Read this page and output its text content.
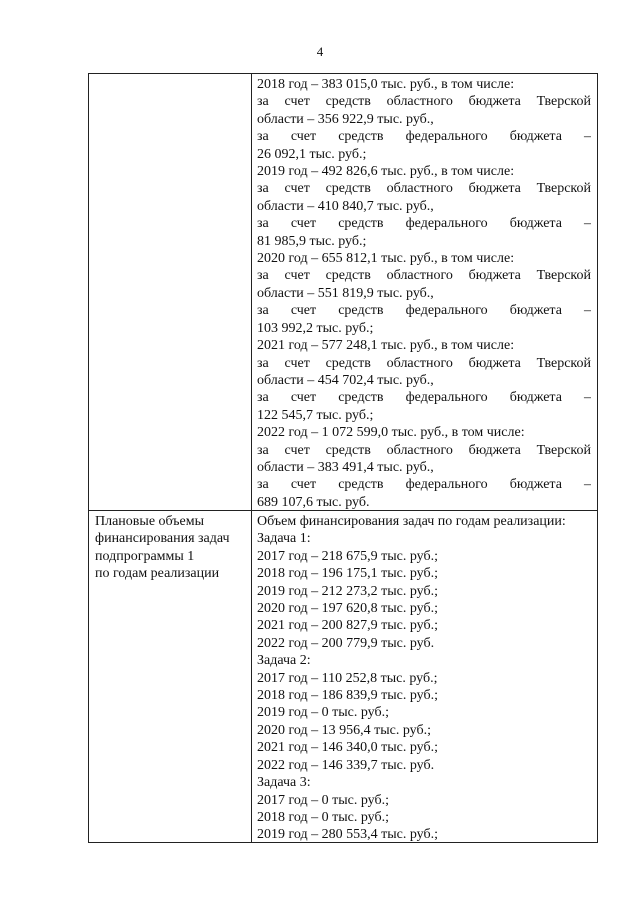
4
2018 год – 383 015,0 тыс. руб., в том числе:
за счет средств областного бюджета Тверской
области – 356 922,9 тыс. руб.,
за счет средств федерального бюджета –
26 092,1 тыс. руб.;
2019 год – 492 826,6 тыс. руб., в том числе:
за счет средств областного бюджета Тверской
области – 410 840,7 тыс. руб.,
за счет средств федерального бюджета –
81 985,9 тыс. руб.;
2020 год – 655 812,1 тыс. руб., в том числе:
за счет средств областного бюджета Тверской
области – 551 819,9 тыс. руб.,
за счет средств федерального бюджета –
103 992,2 тыс. руб.;
2021 год – 577 248,1 тыс. руб., в том числе:
за счет средств областного бюджета Тверской
области – 454 702,4 тыс. руб.,
за счет средств федерального бюджета –
122 545,7 тыс. руб.;
2022 год – 1 072 599,0 тыс. руб., в том числе:
за счет средств областного бюджета Тверской
области – 383 491,4 тыс. руб.,
за счет средств федерального бюджета –
689 107,6 тыс. руб.
Плановые объемы
финансирования задач
подпрограммы 1
по годам реализации
Объем финансирования задач по годам реализации:
Задача 1:
2017 год – 218 675,9 тыс. руб.;
2018 год – 196 175,1 тыс. руб.;
2019 год – 212 273,2 тыс. руб.;
2020 год – 197 620,8 тыс. руб.;
2021 год – 200 827,9 тыс. руб.;
2022 год – 200 779,9 тыс. руб.
Задача 2:
2017 год – 110 252,8 тыс. руб.;
2018 год – 186 839,9 тыс. руб.;
2019 год – 0 тыс. руб.;
2020 год – 13 956,4 тыс. руб.;
2021 год – 146 340,0 тыс. руб.;
2022 год – 146 339,7 тыс. руб.
Задача 3:
2017 год – 0 тыс. руб.;
2018 год – 0 тыс. руб.;
2019 год – 280 553,4 тыс. руб.;
